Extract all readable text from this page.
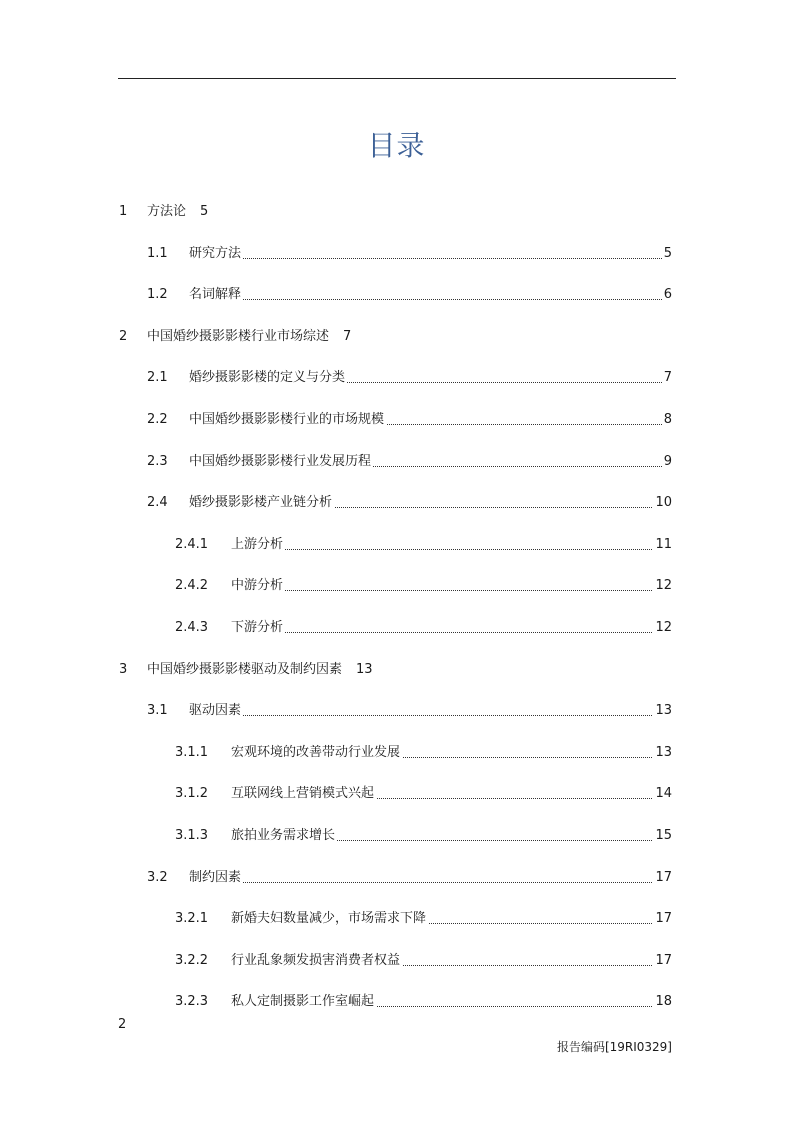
目录
1 方法论 5
1.1 研究方法	5
1.2 名词解释	6
2 中国婚纱摄影影楼行业市场综述 7
2.1 婚纱摄影影楼的定义与分类	7
2.2 中国婚纱摄影影楼行业的市场规模	8
2.3 中国婚纱摄影影楼行业发展历程	9
2.4 婚纱摄影影楼产业链分析	10
2.4.1 上游分析	11
2.4.2 中游分析	12
2.4.3 下游分析	12
3 中国婚纱摄影影楼驱动及制约因素 13
3.1 驱动因素	13
3.1.1 宏观环境的改善带动行业发展	13
3.1.2 互联网线上营销模式兴起	14
3.1.3 旅拍业务需求增长	15
3.2 制约因素	17
3.2.1 新婚夫妇数量减少，市场需求下降	17
3.2.2 行业乱象频发损害消费者权益	17
3.2.3 私人定制摄影工作室崛起	18
2
报告编码[19RI0329]
